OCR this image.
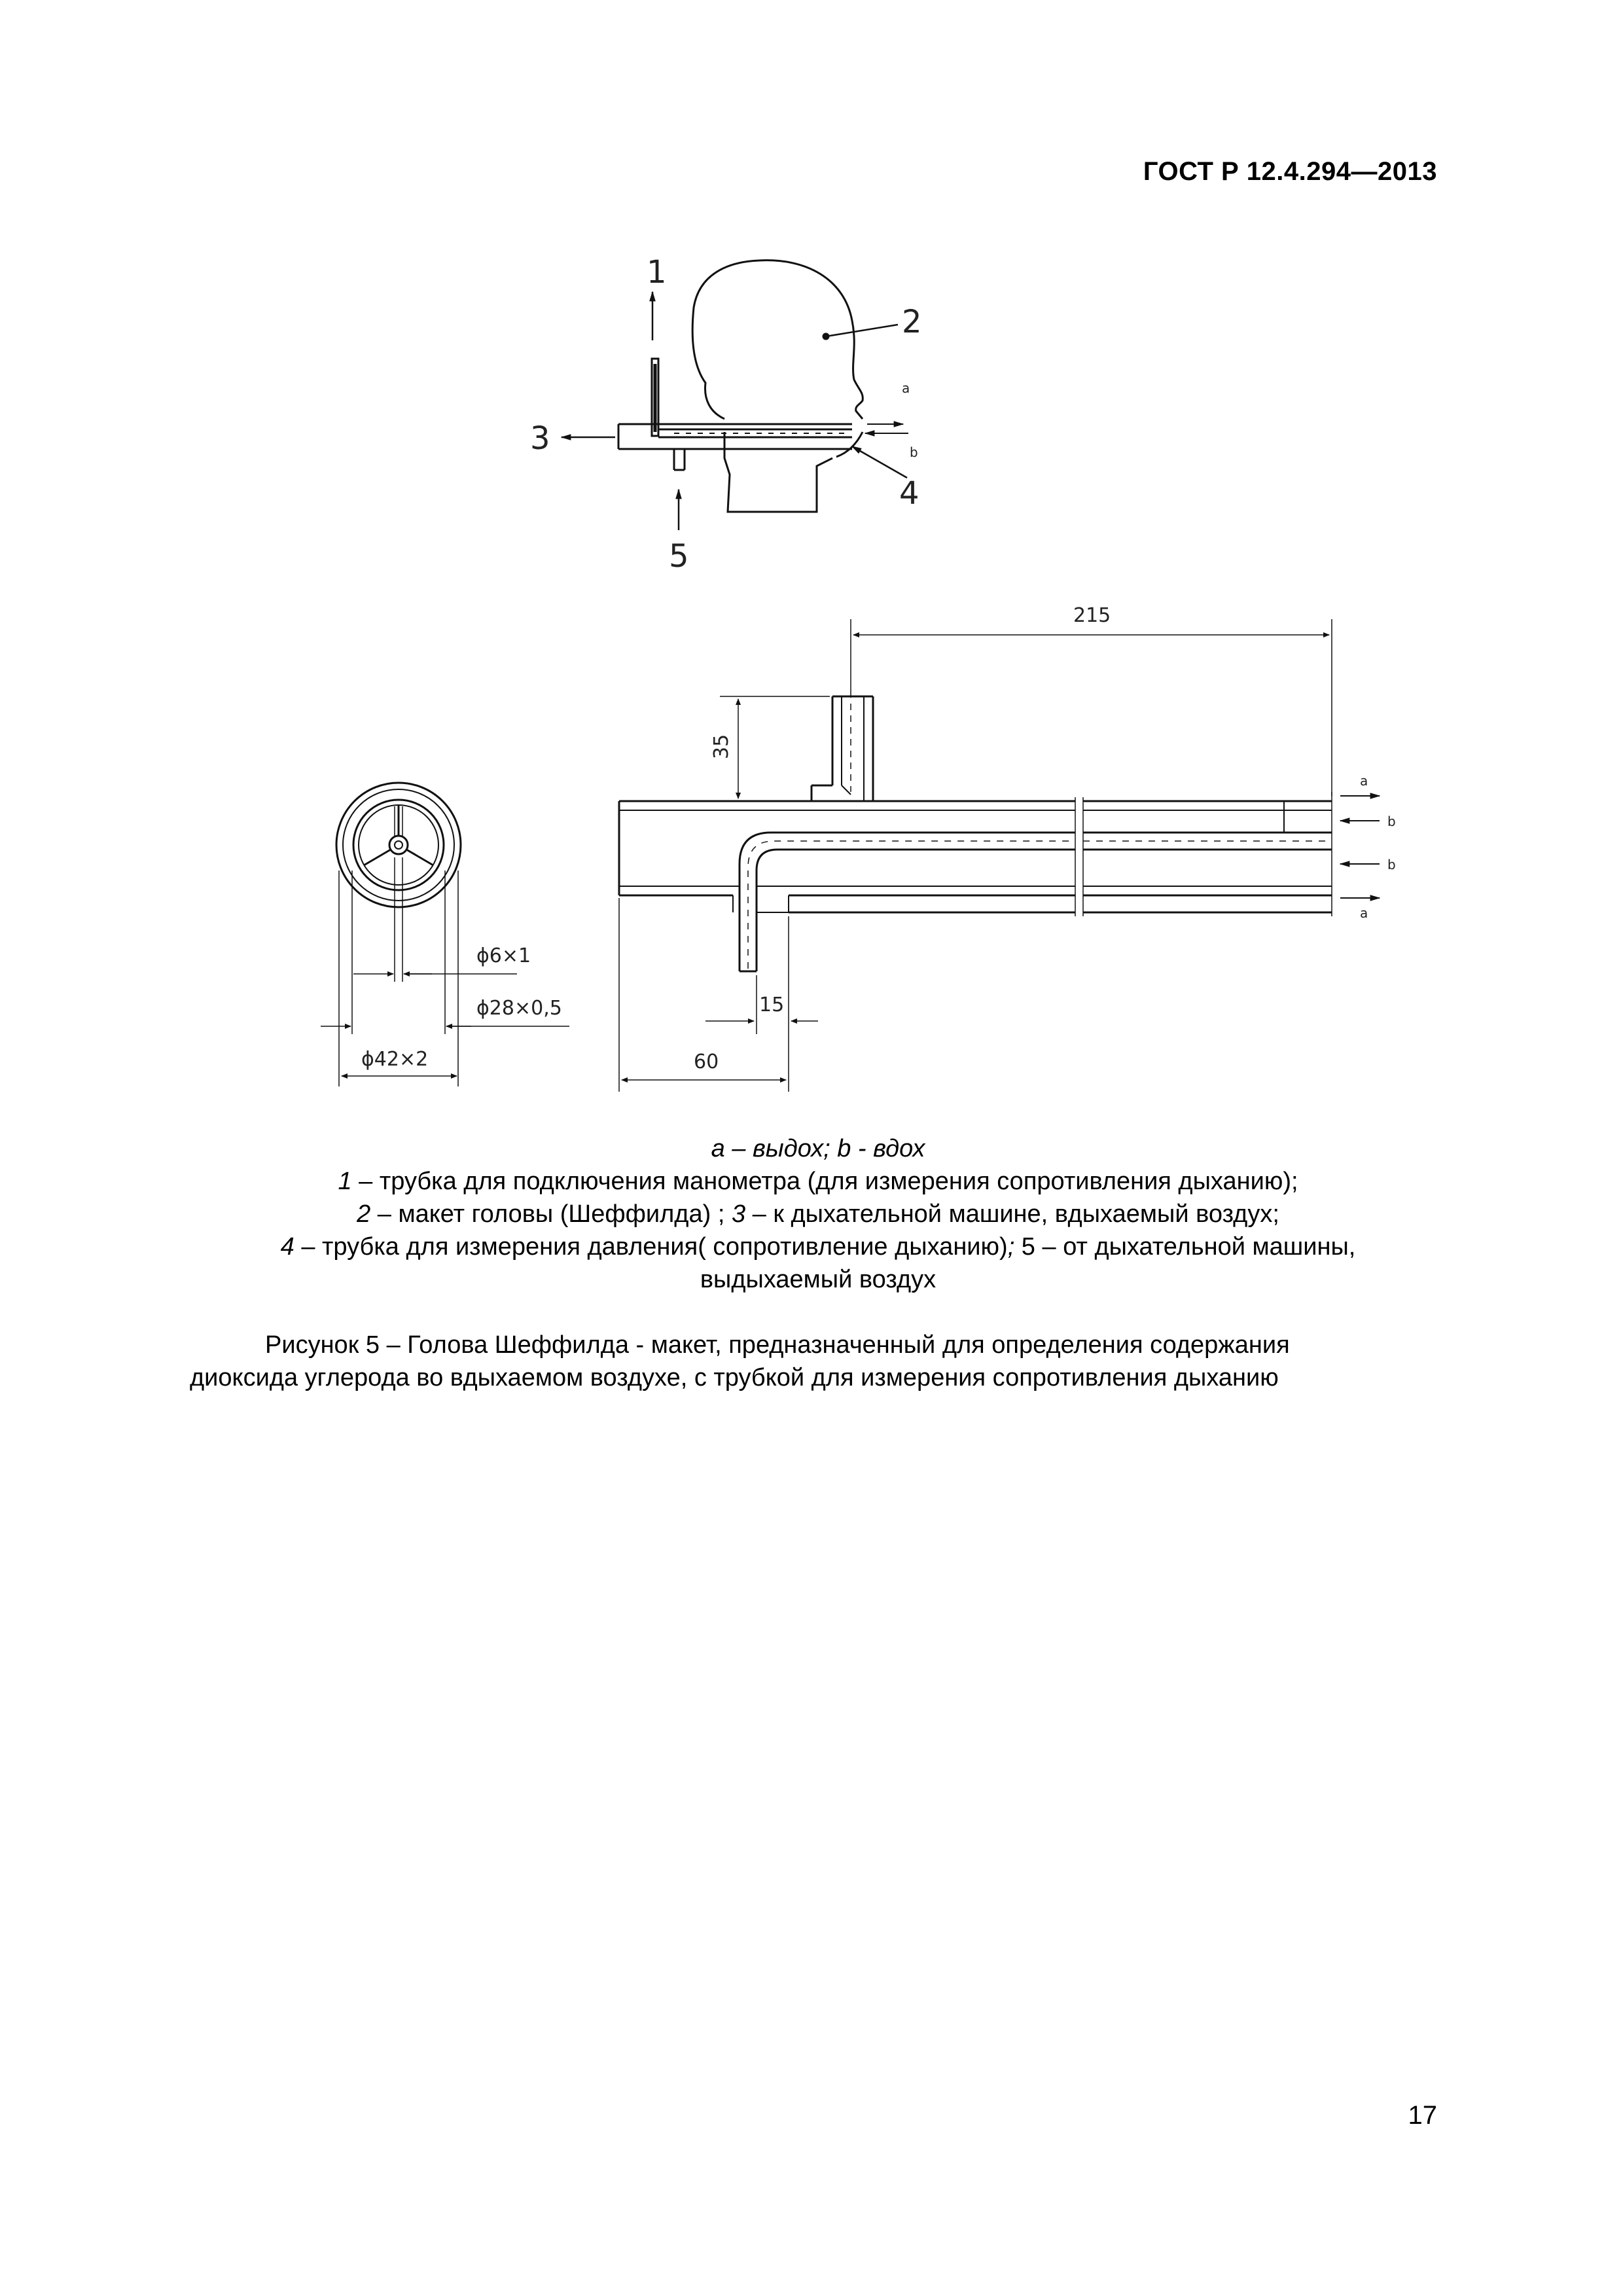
ГОСТ Р 12.4.294—2013
1
2
3
4
5
a
b
ϕ6×1
ϕ28×0,5
ϕ42×2
215
35
15
60
a
b
b
a
a – выдох; b - вдох
1 – трубка для подключения манометра (для измерения сопротивления дыханию);
2 – макет головы (Шеффилда) ; 3 – к дыхательной машине, вдыхаемый воздух;
4 – трубка для измерения давления( сопротивление дыханию); 5 – от дыхательной машины,
выдыхаемый воздух
Рисунок 5 – Голова Шеффилда - макет, предназначенный для определения содержания
диоксида углерода во вдыхаемом воздухе, с трубкой для измерения сопротивления дыханию
17
